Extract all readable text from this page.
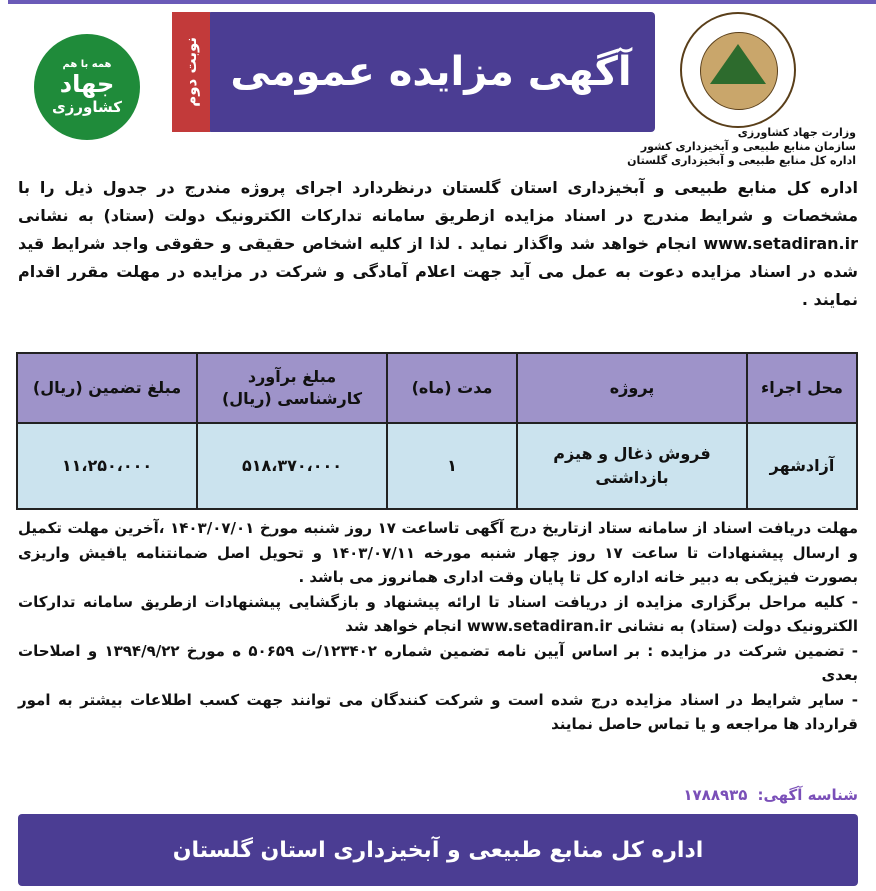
وزارت جهاد کشاورزی
سازمان منابع طبیعی و آبخیزداری کشور
اداره کل منابع طبیعی و آبخیزداری گلستان
آگهی مزایده عمومی
نوبت دوم
همه با هم
جهاد
کشاورزی
اداره کل منابع طبیعی و آبخیزداری استان گلستان درنظردارد اجرای پروژه مندرج در جدول ذیل را با مشخصات و شرایط مندرج در اسناد مزایده ازطریق سامانه تدارکات الکترونیک دولت (ستاد) به نشانی www.setadiran.ir انجام خواهد شد واگذار نماید . لذا از کلیه اشخاص حقیقی و حقوقی واجد شرایط قید شده در اسناد مزایده دعوت به عمل می آید جهت اعلام آمادگی و شرکت در مزایده در مهلت مقرر اقدام نمایند .
محل اجراء	پروژه	مدت (ماه)	مبلغ برآورد کارشناسی (ریال)	مبلغ تضمین (ریال)
آزادشهر	فروش ذغال و هیزم بازداشتی	۱	۵۱۸،۳۷۰،۰۰۰	۱۱،۲۵۰،۰۰۰

مهلت دریافت اسناد از سامانه ستاد ازتاریخ درج آگهی تاساعت ۱۷ روز شنبه مورخ ۱۴۰۳/۰۷/۰۱ ،آخرین مهلت تکمیل و ارسال پیشنهادات تا ساعت ۱۷ روز چهار شنبه مورخه ۱۴۰۳/۰۷/۱۱ و تحویل اصل ضمانتنامه یافیش واریزی بصورت فیزیکی به دبیر خانه اداره کل تا پایان وقت اداری همانروز می باشد .

- کلیه مراحل برگزاری مزایده از دریافت اسناد تا ارائه پیشنهاد و بازگشایی پیشنهادات ازطریق سامانه تدارکات الکترونیک دولت (ستاد) به نشانی www.setadiran.ir انجام خواهد شد

- تضمین شرکت در مزایده : بر اساس آیین نامه تضمین شماره ۱۲۳۴۰۲/ت ۵۰۶۵۹ ه مورخ ۱۳۹۴/۹/۲۲ و اصلاحات بعدی

- سایر شرایط در اسناد مزایده درج شده است و شرکت کنندگان می توانند جهت کسب اطلاعات بیشتر به امور قرارداد ها مراجعه و یا تماس حاصل نمایند

شناسه آگهی:۱۷۸۸۹۳۵
اداره کل منابع طبیعی و آبخیزداری استان گلستان
